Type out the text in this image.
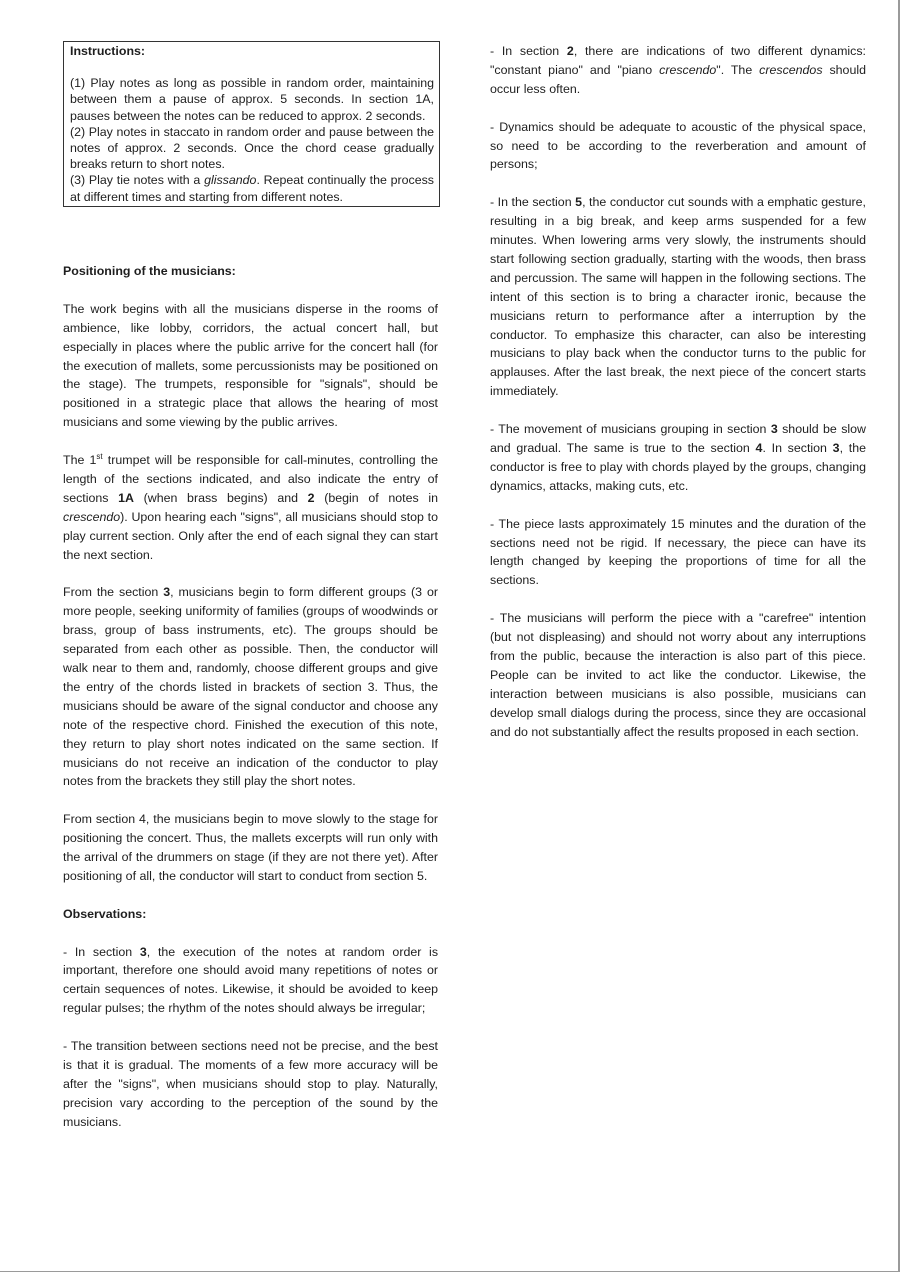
Instructions:

(1) Play notes as long as possible in random order, maintaining between them a pause of approx. 5 seconds. In section 1A, pauses between the notes can be reduced to approx. 2 seconds.

(2) Play notes in staccato in random order and pause between the notes of approx. 2 seconds. Once the chord cease gradually breaks return to short notes.

(3) Play tie notes with a glissando. Repeat continually the process at different times and starting from different notes.

Positioning of the musicians:

The work begins with all the musicians disperse in the rooms of ambience, like lobby, corridors, the actual concert hall, but especially in places where the public arrive for the concert hall (for the execution of mallets, some percussionists may be positioned on the stage). The trumpets, responsible for "signals", should be positioned in a strategic place that allows the hearing of most musicians and some viewing by the public arrives.

The 1st trumpet will be responsible for call-minutes, controlling the length of the sections indicated, and also indicate the entry of sections 1A (when brass begins) and 2 (begin of notes in crescendo). Upon hearing each "signs", all musicians should stop to play current section. Only after the end of each signal they can start the next section.

From the section 3, musicians begin to form different groups (3 or more people, seeking uniformity of families (groups of woodwinds or brass, group of bass instruments, etc). The groups should be separated from each other as possible. Then, the conductor will walk near to them and, randomly, choose different groups and give the entry of the chords listed in brackets of section 3. Thus, the musicians should be aware of the signal conductor and choose any note of the respective chord. Finished the execution of this note, they return to play short notes indicated on the same section. If musicians do not receive an indication of the conductor to play notes from the brackets they still play the short notes.

From section 4, the musicians begin to move slowly to the stage for positioning the concert. Thus, the mallets excerpts will run only with the arrival of the drummers on stage (if they are not there yet). After positioning of all, the conductor will start to conduct from section 5.

Observations:

- In section 3, the execution of the notes at random order is important, therefore one should avoid many repetitions of notes or certain sequences of notes. Likewise, it should be avoided to keep regular pulses; the rhythm of the notes should always be irregular;

- The transition between sections need not be precise, and the best is that it is gradual. The moments of a few more accuracy will be after the "signs", when musicians should stop to play. Naturally, precision vary according to the perception of the sound by the musicians.

- In section 2, there are indications of two different dynamics: "constant piano" and "piano crescendo". The crescendos should occur less often.

- Dynamics should be adequate to acoustic of the physical space, so need to be according to the reverberation and amount of persons;

- In the section 5, the conductor cut sounds with a emphatic gesture, resulting in a big break, and keep arms suspended for a few minutes. When lowering arms very slowly, the instruments should start following section gradually, starting with the woods, then brass and percussion. The same will happen in the following sections. The intent of this section is to bring a character ironic, because the musicians return to performance after a interruption by the conductor. To emphasize this character, can also be interesting musicians to play back when the conductor turns to the public for applauses. After the last break, the next piece of the concert starts immediately.

- The movement of musicians grouping in section 3 should be slow and gradual. The same is true to the section 4. In section 3, the conductor is free to play with chords played by the groups, changing dynamics, attacks, making cuts, etc.

- The piece lasts approximately 15 minutes and the duration of the sections need not be rigid. If necessary, the piece can have its length changed by keeping the proportions of time for all the sections.

- The musicians will perform the piece with a "carefree" intention (but not displeasing) and should not worry about any interruptions from the public, because the interaction is also part of this piece. People can be invited to act like the conductor. Likewise, the interaction between musicians is also possible, musicians can develop small dialogs during the process, since they are occasional and do not substantially affect the results proposed in each section.
